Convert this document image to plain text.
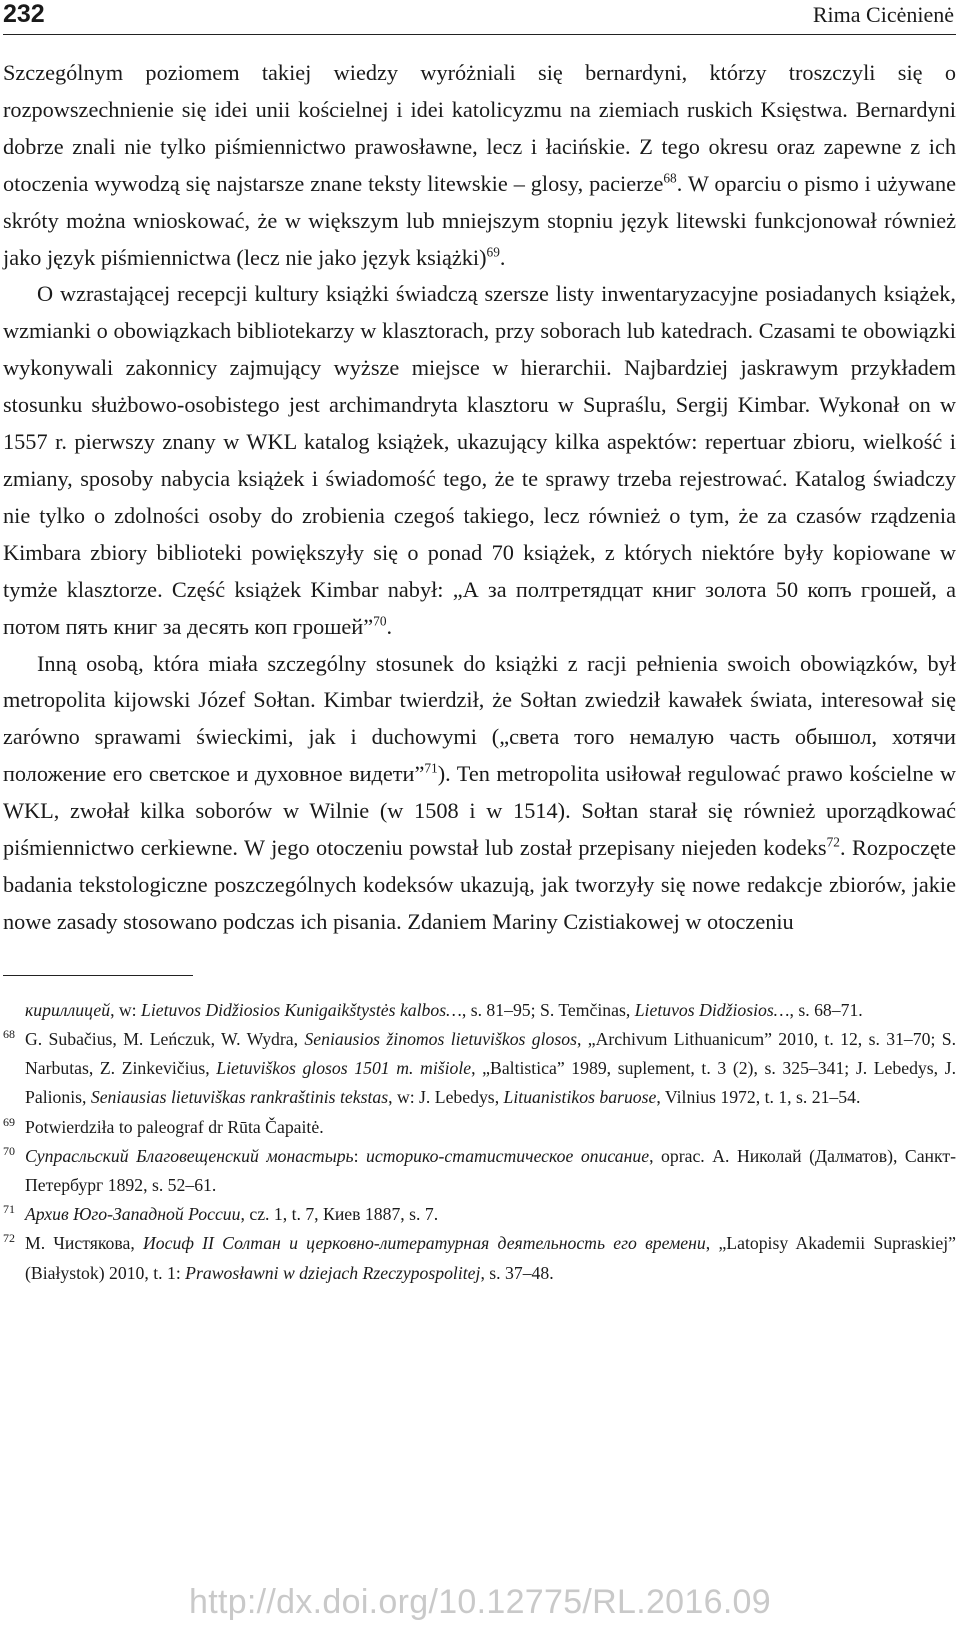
232	Rima Cicėnienė

Szczególnym poziomem takiej wiedzy wyróżniali się bernardyni, którzy troszczyli się o rozpowszechnienie się idei unii kościelnej i idei katolicyzmu na ziemiach ruskich Księstwa. Bernardyni dobrze znali nie tylko piśmiennictwo prawosławne, lecz i łacińskie. Z tego okresu oraz zapewne z ich otoczenia wywodzą się najstarsze znane teksty litewskie – glosy, pacierze$^{68}$. W oparciu o pismo i używane skróty można wnioskować, że w większym lub mniejszym stopniu język litewski funkcjonował również jako język piśmiennictwa (lecz nie jako język książki)$^{69}$.

O wzrastającej recepcji kultury książki świadczą szersze listy inwentaryzacyjne posiadanych książek, wzmianki o obowiązkach bibliotekarzy w klasztorach, przy soborach lub katedrach. Czasami te obowiązki wykonywali zakonnicy zajmujący wyższe miejsce w hierarchii. Najbardziej jaskrawym przykładem stosunku służbowo-osobistego jest archimandryta klasztoru w Supraślu, Sergij Kimbar. Wykonał on w 1557 r. pierwszy znany w WKL katalog książek, ukazujący kilka aspektów: repertuar zbioru, wielkość i zmiany, sposoby nabycia książek i świadomość tego, że te sprawy trzeba rejestrować. Katalog świadczy nie tylko o zdolności osoby do zrobienia czegoś takiego, lecz również o tym, że za czasów rządzenia Kimbara zbiory biblioteki powiększyły się o ponad 70 książek, z których niektóre były kopiowane w tymże klasztorze. Część książek Kimbar nabył: „А за полтретядцат книг золота 50 копъ грошей, а потом пять книг за десять коп грошей”$^{70}$.

Inną osobą, która miała szczególny stosunek do książki z racji pełnienia swoich obowiązków, był metropolita kijowski Józef Sołtan. Kimbar twierdził, że Sołtan zwiedził kawałek świata, interesował się zarówno sprawami świeckimi, jak i duchowymi („света того немалую часть обышол, хотячи положение его светское и духовное видети”$^{71}$). Ten metropolita usiłował regulować prawo kościelne w WKL, zwołał kilka soborów w Wilnie (w 1508 i w 1514). Sołtan starał się również uporządkować piśmiennictwo cerkiewne. W jego otoczeniu powstał lub został przepisany niejeden kodeks$^{72}$. Rozpoczęte badania tekstologiczne poszczególnych kodeksów ukazują, jak tworzyły się nowe redakcje zbiorów, jakie nowe zasady stosowano podczas ich pisania. Zdaniem Mariny Czistiakowej w otoczeniu

кириллицей, w: Lietuvos Didžiosios Kunigaikštystės kalbos…, s. 81–95; S. Temčinas, Lietuvos Didžiosios…, s. 68–71.
68 G. Subačius, M. Leńczuk, W. Wydra, Seniausios žinomos lietuviškos glosos, „Archivum Lithuanicum” 2010, t. 12, s. 31–70; S. Narbutas, Z. Zinkevičius, Lietuviškos glosos 1501 m. mišiole, „Baltistica” 1989, suplement, t. 3 (2), s. 325–341; J. Lebedys, J. Palionis, Seniausias lietuviškas rankraštinis tekstas, w: J. Lebedys, Lituanistikos baruose, Vilnius 1972, t. 1, s. 21–54.
69 Potwierdziła to paleograf dr Rūta Čapaitė.
70 Супрасльский Благовещенский монастырь: историко-статистическое описание, oprac. А. Николай (Далматов), Санкт-Петербург 1892, s. 52–61.
71 Архив Юго-Западной России, cz. 1, t. 7, Киев 1887, s. 7.
72 М. Чистякова, Иосиф II Солтан и церковно-литературная деятельность его времени, „Latopisy Akademii Supraskiej” (Białystok) 2010, t. 1: Prawosławni w dziejach Rzeczypospolitej, s. 37–48.
http://dx.doi.org/10.12775/RL.2016.09
